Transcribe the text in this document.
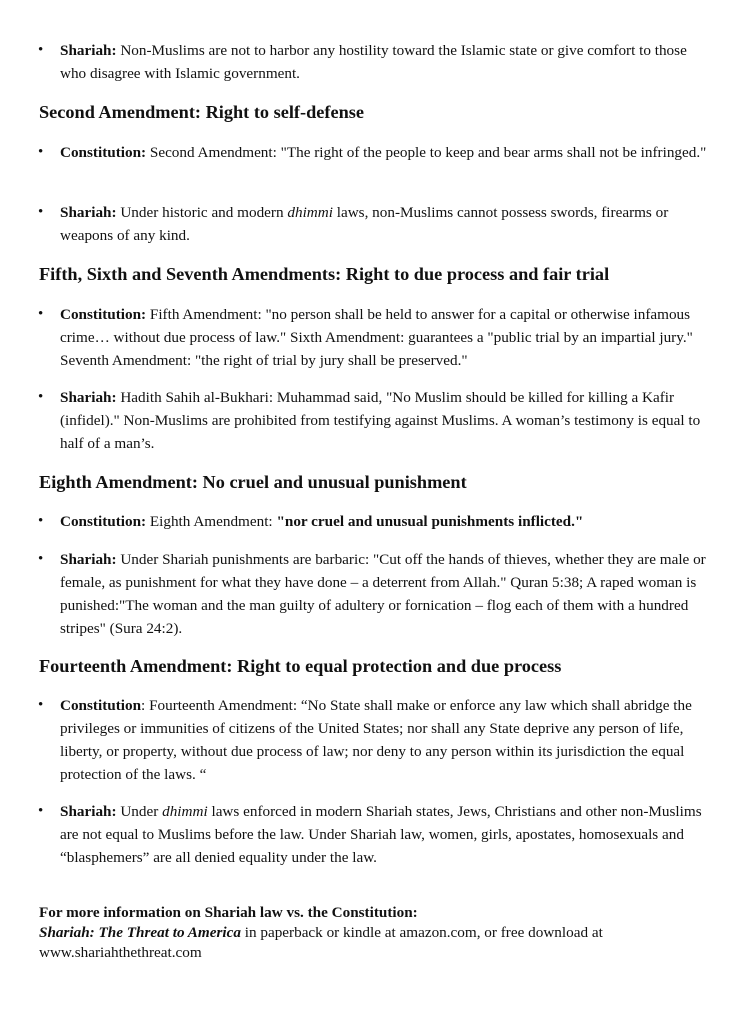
• Shariah: Non-Muslims are not to harbor any hostility toward the Islamic state or give comfort to those who disagree with Islamic government.
Second Amendment: Right to self-defense
• Constitution: Second Amendment: "The right of the people to keep and bear arms shall not be infringed."
• Shariah: Under historic and modern dhimmi laws, non-Muslims cannot possess swords, firearms or weapons of any kind.
Fifth, Sixth and Seventh Amendments: Right to due process and fair trial
• Constitution: Fifth Amendment: "no person shall be held to answer for a capital or otherwise infamous crime… without due process of law." Sixth Amendment: guarantees a "public trial by an impartial jury." Seventh Amendment: "the right of trial by jury shall be preserved."
• Shariah: Hadith Sahih al-Bukhari: Muhammad said, "No Muslim should be killed for killing a Kafir (infidel)." Non-Muslims are prohibited from testifying against Muslims. A woman’s testimony is equal to half of a man’s.
Eighth Amendment: No cruel and unusual punishment
• Constitution: Eighth Amendment: "nor cruel and unusual punishments inflicted."
• Shariah: Under Shariah punishments are barbaric: "Cut off the hands of thieves, whether they are male or female, as punishment for what they have done – a deterrent from Allah." Quran 5:38; A raped woman is punished:"The woman and the man guilty of adultery or fornication – flog each of them with a hundred stripes" (Sura 24:2).
Fourteenth Amendment: Right to equal protection and due process
• Constitution: Fourteenth Amendment: “No State shall make or enforce any law which shall abridge the privileges or immunities of citizens of the United States; nor shall any State deprive any person of life, liberty, or property, without due process of law; nor deny to any person within its jurisdiction the equal protection of the laws. “
• Shariah: Under dhimmi laws enforced in modern Shariah states, Jews, Christians and other non-Muslims are not equal to Muslims before the law. Under Shariah law, women, girls, apostates, homosexuals and “blasphemers” are all denied equality under the law.
For more information on Shariah law vs. the Constitution:
Shariah: The Threat to America in paperback or kindle at amazon.com, or free download at www.shariahthethreat.com
